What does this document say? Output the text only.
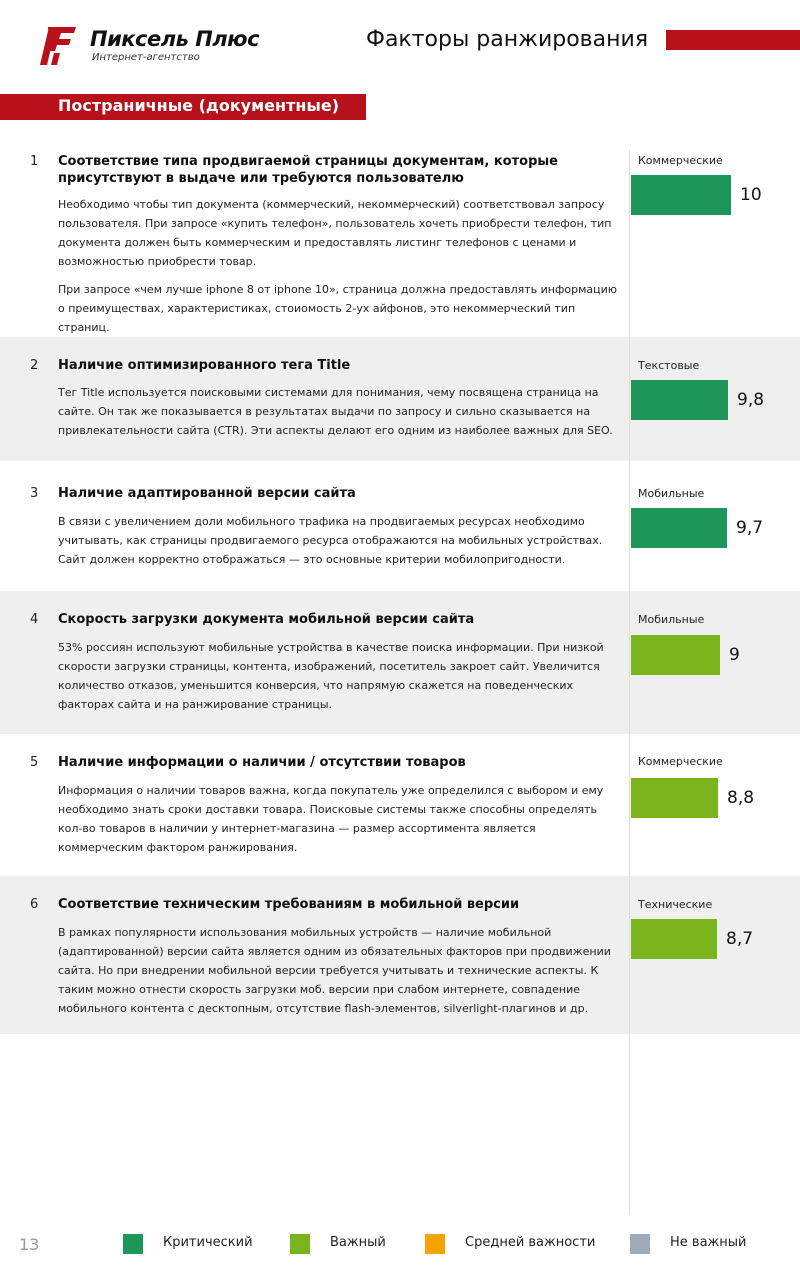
Пиксель Плюс
Интернет-агентство
Факторы ранжирования
Постраничные (документные)
1 Соответствие типа продвигаемой страницы документам, которые присутствуют в выдаче или требуются пользователю

Необходимо чтобы тип документа (коммерческий, некоммерческий) соответствовал запросу пользователя. При запросе «купить телефон», пользователь хочеть приобрести телефон, тип документа должен быть коммерческим и предоставлять листинг телефонов с ценами и возможностью приобрести товар.

При запросе «чем лучше iphone 8 от iphone 10», страница должна предоставлять информацию о преимуществах, характеристиках, стоиомость 2-ух айфонов, это некоммерческий тип страниц.

Коммерческие
10
2 Наличие оптимизированного тега Title

Тег Title используется поисковыми системами для понимания, чему посвящена страница на сайте. Он так же показывается в результатах выдачи по запросу и сильно сказывается на привлекательности сайта (CTR). Эти аспекты делают его одним из наиболее важных для SEO.

Текстовые
9,8
3 Наличие адаптированной версии сайта

В связи с увеличением доли мобильного трафика на продвигаемых ресурсах необходимо учитывать, как страницы продвигаемого ресурса отображаются на мобильных устройствах. Сайт должен корректно отображаться — это основные критерии мобилопригодности.

Мобильные
9,7
4 Скорость загрузки документа мобильной версии сайта

53% россиян используют мобильные устройства в качестве поиска информации. При низкой скорости загрузки страницы, контента, изображений, посетитель закроет сайт. Увеличится количество отказов, уменьшится конверсия, что напрямую скажется на поведенческих факторах сайта и на ранжирование страницы.

Мобильные
9
5 Наличие информации о наличии / отсутствии товаров

Информация о наличии товаров важна, когда покупатель уже определился с выбором и ему необходимо знать сроки доставки товара. Поисковые системы также способны определять кол-во товаров в наличии у интернет-магазина — размер ассортимента является коммерческим фактором ранжирования.

Коммерческие
8,8
6 Соответствие техническим требованиям в мобильной версии

В рамках популярности использования мобильных устройств — наличие мобильной (адаптированной) версии сайта является одним из обязательных факторов при продвижении сайта. Но при внедрении мобильной версии требуется учитывать и технические аспекты. К таким можно отнести скорость загрузки моб. версии при слабом интернете, совпадение мобильного контента с десктопным, отсутствие flash-элементов, silverlight-плагинов и др.

Технические
8,7
13	Критический	Важный	Средней важности	Не важный
